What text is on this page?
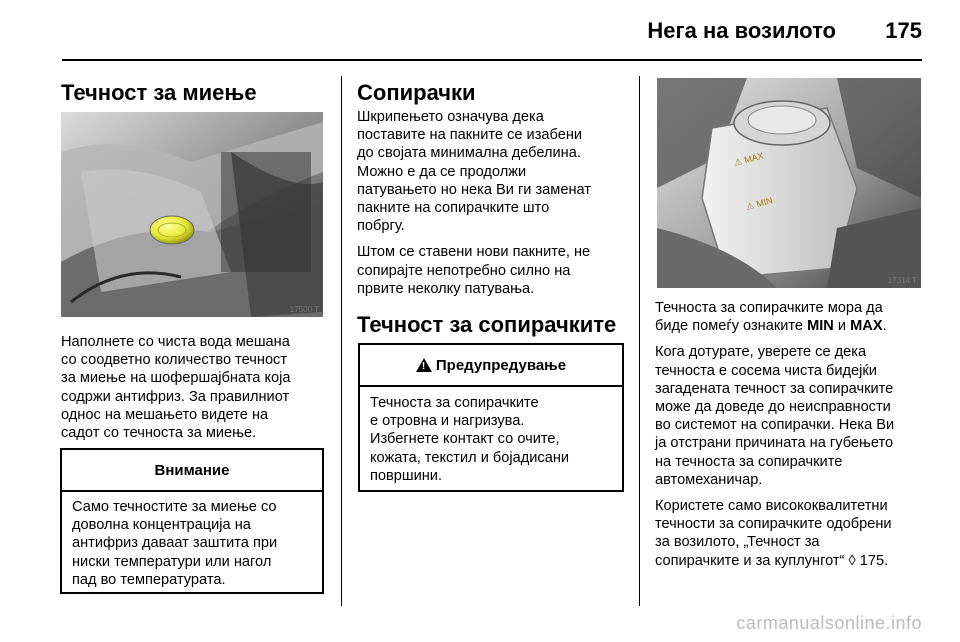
Нега на возилото 175
Течност за миење
17500 T
Наполнете со чиста вода мешана
со соодветно количество течност
за миење на шофершајбната која
содржи антифриз. За правилниот
однос на мешањето видете на
садот со течноста за миење.
Внимание
Само течностите за миење со
доволна концентрација на
антифриз даваат заштита при
ниски температури или нагол
пад во температурата.
Сопирачки
Шкрипењето означува дека
поставите на пакните се изабени
до својата минимална дебелина.
Можно е да се продолжи
патувањето но нека Ви ги заменат
пакните на сопирачките што
побргу.
Штом се ставени нови пакните, не
сопирајте непотребно силно на
првите неколку патувања.
Течност за сопирачките
!
Предупредување
Течноста за сопирачките
е отровна и нагризува.
Избегнете контакт со очите,
кожата, текстил и бојадисани
површини.
⚠ MAX
⚠ MIN
17314 T
Течноста за сопирачките мора да
биде помеѓу ознаките MIN и MAX.
Кога дотурате, уверете се дека
течноста е сосема чиста бидејќи
загадената течност за сопирачките
може да доведе до неисправности
во системот на сопирачки. Нека Ви
ја отстрани причината на губењето
на течноста за сопирачките
автомеханичар.
Користете само висококвалитетни
течности за сопирачките одобрени
за возилото, „Течност за
сопирачките и за куплунгот“ ◊ 175.
carmanualsonline.info
